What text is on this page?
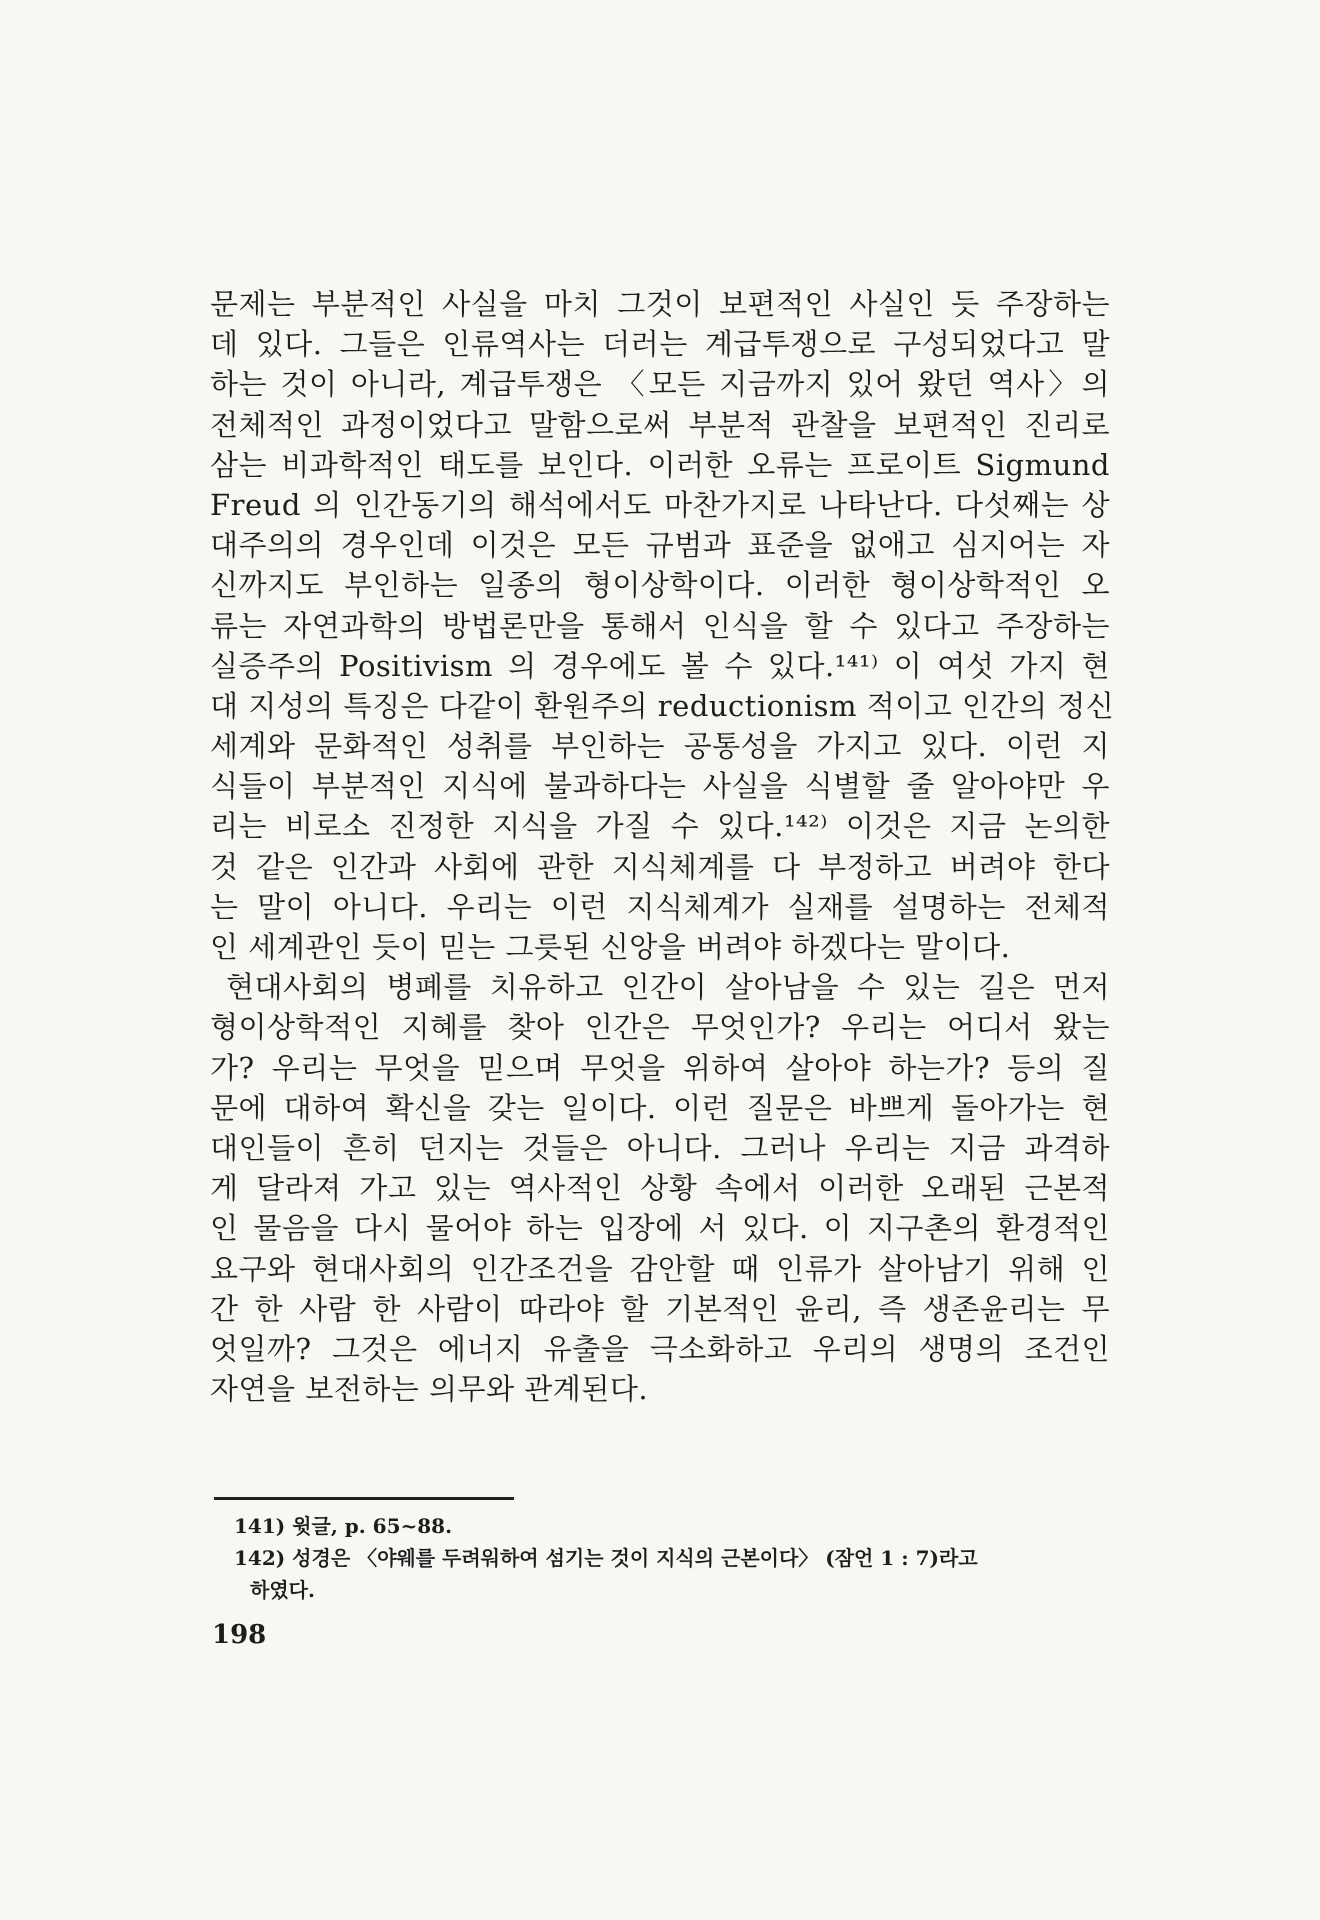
문제는 부분적인 사실을 마치 그것이 보편적인 사실인 듯 주장하는
데 있다. 그들은 인류역사는 더러는 계급투쟁으로 구성되었다고 말
하는 것이 아니라, 계급투쟁은 〈모든 지금까지 있어 왔던 역사〉의
전체적인 과정이었다고 말함으로써 부분적 관찰을 보편적인 진리로
삼는 비과학적인 태도를 보인다. 이러한 오류는 프로이트 Sigmund
Freud 의 인간동기의 해석에서도 마찬가지로 나타난다. 다섯째는 상
대주의의 경우인데 이것은 모든 규범과 표준을 없애고 심지어는 자
신까지도 부인하는 일종의 형이상학이다. 이러한 형이상학적인 오
류는 자연과학의 방법론만을 통해서 인식을 할 수 있다고 주장하는
실증주의 Positivism 의 경우에도 볼 수 있다.¹⁴¹⁾ 이 여섯 가지 현
대 지성의 특징은 다같이 환원주의 reductionism 적이고 인간의 정신
세계와 문화적인 성취를 부인하는 공통성을 가지고 있다. 이런 지
식들이 부분적인 지식에 불과하다는 사실을 식별할 줄 알아야만 우
리는 비로소 진정한 지식을 가질 수 있다.¹⁴²⁾ 이것은 지금 논의한
것 같은 인간과 사회에 관한 지식체계를 다 부정하고 버려야 한다
는 말이 아니다. 우리는 이런 지식체계가 실재를 설명하는 전체적
인 세계관인 듯이 믿는 그릇된 신앙을 버려야 하겠다는 말이다.
현대사회의 병폐를 치유하고 인간이 살아남을 수 있는 길은 먼저
형이상학적인 지혜를 찾아 인간은 무엇인가? 우리는 어디서 왔는
가? 우리는 무엇을 믿으며 무엇을 위하여 살아야 하는가? 등의 질
문에 대하여 확신을 갖는 일이다. 이런 질문은 바쁘게 돌아가는 현
대인들이 흔히 던지는 것들은 아니다. 그러나 우리는 지금 과격하
게 달라져 가고 있는 역사적인 상황 속에서 이러한 오래된 근본적
인 물음을 다시 물어야 하는 입장에 서 있다. 이 지구촌의 환경적인
요구와 현대사회의 인간조건을 감안할 때 인류가 살아남기 위해 인
간 한 사람 한 사람이 따라야 할 기본적인 윤리, 즉 생존윤리는 무
엇일까? 그것은 에너지 유출을 극소화하고 우리의 생명의 조건인
자연을 보전하는 의무와 관계된다.
141) 윗글, p. 65~88.
142) 성경은 〈야웨를 두려워하여 섬기는 것이 지식의 근본이다〉 (잠언 1 : 7)라고
하였다.
198
